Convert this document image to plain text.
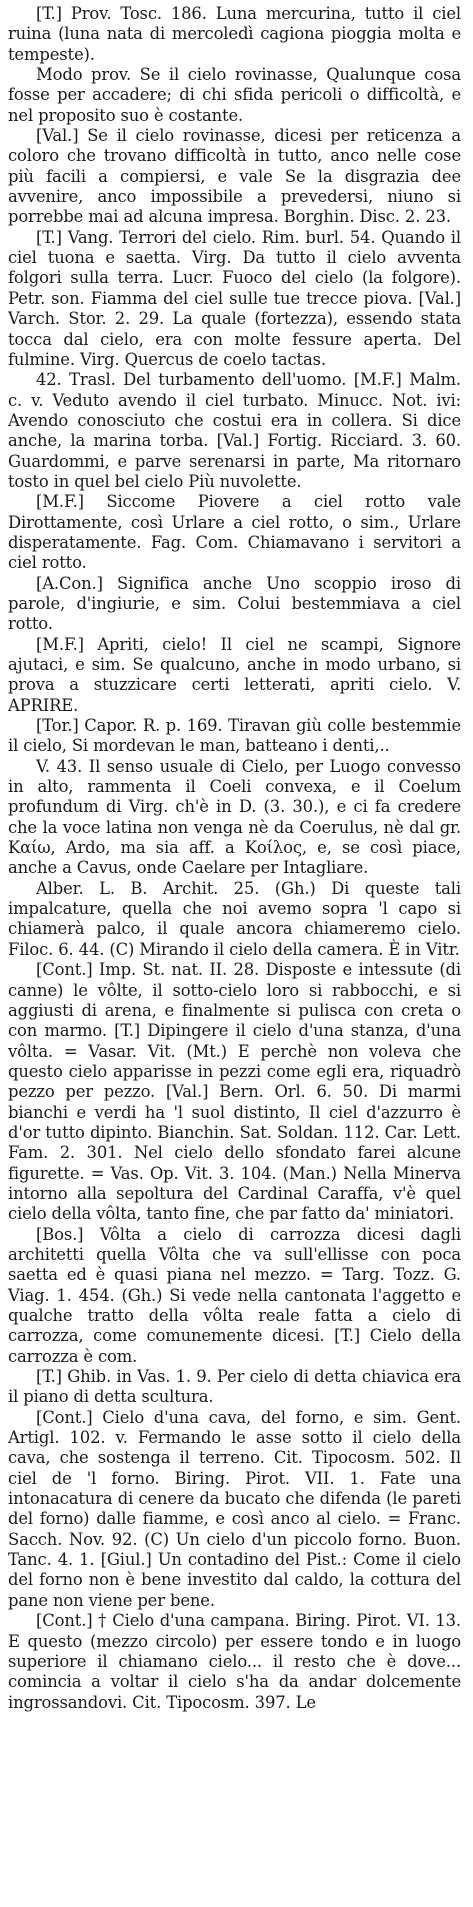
[T.] Prov. Tosc. 186. Luna mercurina, tutto il ciel ruina (luna nata di mercoledì cagiona pioggia molta e tempeste).

Modo prov. Se il cielo rovinasse, Qualunque cosa fosse per accadere; di chi sfida pericoli o difficoltà, e nel proposito suo è costante.

[Val.] Se il cielo rovinasse, dicesi per reticenza a coloro che trovano difficoltà in tutto, anco nelle cose più facili a compiersi, e vale Se la disgrazia dee avvenire, anco impossibile a prevedersi, niuno si porrebbe mai ad alcuna impresa. Borghin. Disc. 2. 23.

[T.] Vang. Terrori del cielo. Rim. burl. 54. Quando il ciel tuona e saetta. Virg. Da tutto il cielo avventa folgori sulla terra. Lucr. Fuoco del cielo (la folgore). Petr. son. Fiamma del ciel sulle tue trecce piova. [Val.] Varch. Stor. 2. 29. La quale (fortezza), essendo stata tocca dal cielo, era con molte fessure aperta. Del fulmine. Virg. Quercus de coelo tactas.

42. Trasl. Del turbamento dell'uomo. [M.F.] Malm. c. v. Veduto avendo il ciel turbato. Minucc. Not. ivi: Avendo conosciuto che costui era in collera. Si dice anche, la marina torba. [Val.] Fortig. Ricciard. 3. 60. Guardommi, e parve serenarsi in parte, Ma ritornaro tosto in quel bel cielo Più nuvolette.

[M.F.] Siccome Piovere a ciel rotto vale Dirottamente, così Urlare a ciel rotto, o sim., Urlare disperatamente. Fag. Com. Chiamavano i servitori a ciel rotto.

[A.Con.] Significa anche Uno scoppio iroso di parole, d'ingiurie, e sim. Colui bestemmiava a ciel rotto.

[M.F.] Apriti, cielo! Il ciel ne scampi, Signore ajutaci, e sim. Se qualcuno, anche in modo urbano, si prova a stuzzicare certi letterati, apriti cielo. V. APRIRE.

[Tor.] Capor. R. p. 169. Tiravan giù colle bestemmie il cielo, Si mordevan le man, batteano i denti,..

V. 43. Il senso usuale di Cielo, per Luogo convesso in alto, rammenta il Coeli convexa, e il Coelum profundum di Virg. ch'è in D. (3. 30.), e ci fa credere che la voce latina non venga nè da Coerulus, nè dal gr. Καίω, Ardo, ma sia aff. a Κοίλος, e, se così piace, anche a Cavus, onde Caelare per Intagliare.

Alber. L. B. Archit. 25. (Gh.) Di queste tali impalcature, quella che noi avemo sopra 'l capo si chiamerà palco, il quale ancora chiameremo cielo. Filoc. 6. 44. (C) Mirando il cielo della camera. È in Vitr.

[Cont.] Imp. St. nat. II. 28. Disposte e intessute (di canne) le vôlte, il sotto-cielo loro si rabbocchi, e si aggiusti di arena, e finalmente si pulisca con creta o con marmo. [T.] Dipingere il cielo d'una stanza, d'una vôlta. = Vasar. Vit. (Mt.) E perchè non voleva che questo cielo apparisse in pezzi come egli era, riquadrò pezzo per pezzo. [Val.] Bern. Orl. 6. 50. Di marmi bianchi e verdi ha 'l suol distinto, Il ciel d'azzurro è d'or tutto dipinto. Bianchin. Sat. Soldan. 112. Car. Lett. Fam. 2. 301. Nel cielo dello sfondato farei alcune figurette. = Vas. Op. Vit. 3. 104. (Man.) Nella Minerva intorno alla sepoltura del Cardinal Caraffa, v'è quel cielo della vôlta, tanto fine, che par fatto da' miniatori.

[Bos.] Vôlta a cielo di carrozza dicesi dagli architetti quella Vôlta che va sull'ellisse con poca saetta ed è quasi piana nel mezzo. = Targ. Tozz. G. Viag. 1. 454. (Gh.) Si vede nella cantonata l'aggetto e qualche tratto della vôlta reale fatta a cielo di carrozza, come comunemente dicesi. [T.] Cielo della carrozza è com.

[T.] Ghib. in Vas. 1. 9. Per cielo di detta chiavica era il piano di detta scultura.

[Cont.] Cielo d'una cava, del forno, e sim. Gent. Artigl. 102. v. Fermando le asse sotto il cielo della cava, che sostenga il terreno. Cit. Tipocosm. 502. Il ciel de 'l forno. Biring. Pirot. VII. 1. Fate una intonacatura di cenere da bucato che difenda (le pareti del forno) dalle fiamme, e così anco al cielo. = Franc. Sacch. Nov. 92. (C) Un cielo d'un piccolo forno. Buon. Tanc. 4. 1. [Giul.] Un contadino del Pist.: Come il cielo del forno non è bene investito dal caldo, la cottura del pane non viene per bene.

[Cont.] † Cielo d'una campana. Biring. Pirot. VI. 13. E questo (mezzo circolo) per essere tondo e in luogo superiore il chiamano cielo... il resto che è dove... comincia a voltar il cielo s'ha da andar dolcemente ingrossandovi. Cit. Tipocosm. 397. Le
